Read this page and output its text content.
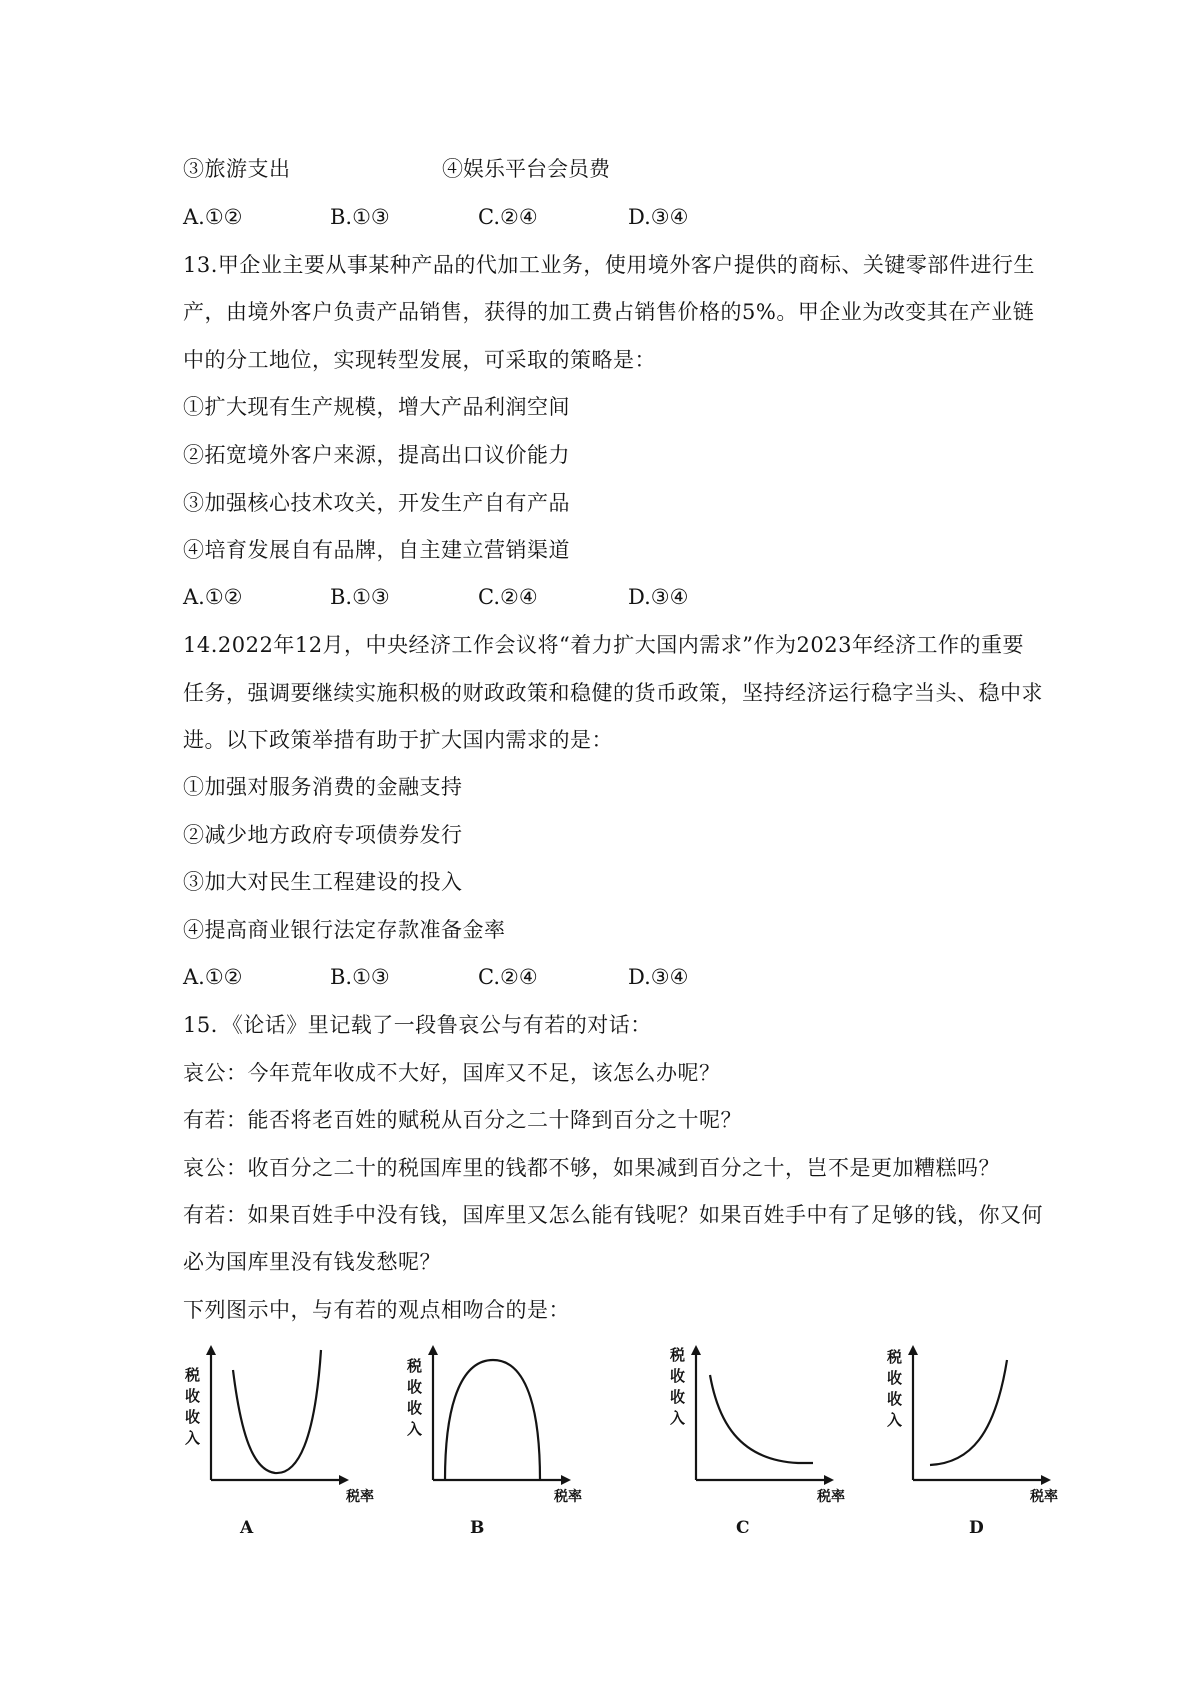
③旅游支出	④娱乐平台会员费
A.①②	B.①③	C.②④	D.③④
13.甲企业主要从事某种产品的代加工业务，使用境外客户提供的商标、关键零部件进行生
产，由境外客户负责产品销售，获得的加工费占销售价格的5%。甲企业为改变其在产业链
中的分工地位，实现转型发展，可采取的策略是：
①扩大现有生产规模，增大产品利润空间
②拓宽境外客户来源，提高出口议价能力
③加强核心技术攻关，开发生产自有产品
④培育发展自有品牌，自主建立营销渠道
A.①②	B.①③	C.②④	D.③④
14.2022年12月，中央经济工作会议将“着力扩大国内需求”作为2023年经济工作的重要
任务，强调要继续实施积极的财政政策和稳健的货币政策，坚持经济运行稳字当头、稳中求
进。以下政策举措有助于扩大国内需求的是：
①加强对服务消费的金融支持
②减少地方政府专项债券发行
③加大对民生工程建设的投入
④提高商业银行法定存款准备金率
A.①②	B.①③	C.②④	D.③④
15．《论话》里记载了一段鲁哀公与有若的对话：
哀公：今年荒年收成不大好，国库又不足，该怎么办呢？
有若：能否将老百姓的赋税从百分之二十降到百分之十呢？
哀公：收百分之二十的税国库里的钱都不够，如果减到百分之十，岂不是更加糟糕吗？
有若：如果百姓手中没有钱，国库里又怎么能有钱呢？如果百姓手中有了足够的钱，你又何
必为国库里没有钱发愁呢？
下列图示中，与有若的观点相吻合的是：
税收收入
税率
A
税收收入
税率
B
税收收入
税率
C
税收收入
税率
D
